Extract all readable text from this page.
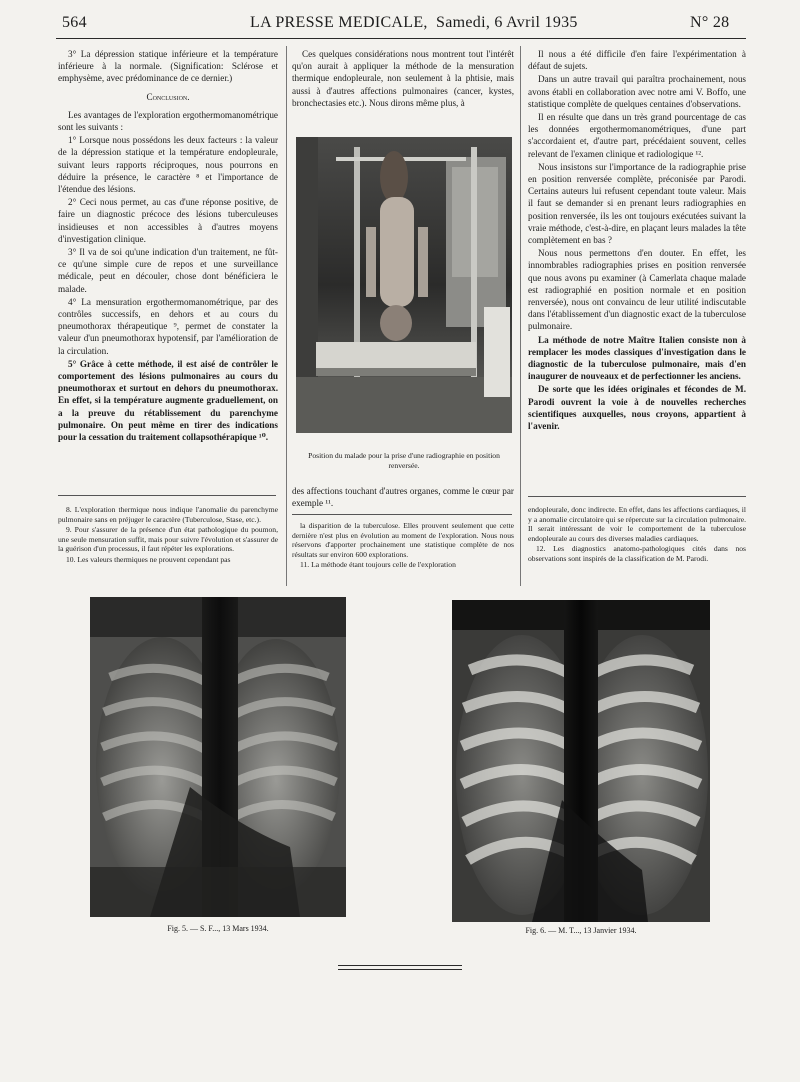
564	LA PRESSE MEDICALE, Samedi, 6 Avril 1935	N° 28

3° La dépression statique inférieure et la température inférieure à la normale. (Signification: Sclérose et emphysème, avec prédominance de ce dernier.)

Conclusion.

Les avantages de l'exploration ergothermomanométrique sont les suivants :

1° Lorsque nous possédons les deux facteurs : la valeur de la dépression statique et la température endopleurale, suivant leurs rapports réciproques, nous pourrons en déduire la présence, le caractère ⁸ et l'importance de l'étendue des lésions.

2° Ceci nous permet, au cas d'une réponse positive, de faire un diagnostic précoce des lésions tuberculeuses insidieuses et non accessibles à d'autres moyens d'investigation clinique.

3° Il va de soi qu'une indication d'un traitement, ne fût-ce qu'une simple cure de repos et une surveillance médicale, peut en découler, chose dont bénéficiera le malade.

4° La mensuration ergothermomanométrique, par des contrôles successifs, en dehors et au cours du pneumothorax thérapeutique ⁹, permet de constater la valeur d'un pneumothorax hypotensif, par l'amélioration de la circulation.

5° Grâce à cette méthode, il est aisé de contrôler le comportement des lésions pulmonaires au cours du pneumothorax et surtout en dehors du pneumothorax. En effet, si la température augmente graduellement, on a la preuve du rétablissement du parenchyme pulmonaire. On peut même en tirer des indications pour la cessation du traitement collapsothérapique ¹⁰.

8. L'exploration thermique nous indique l'anomalie du parenchyme pulmonaire sans en préjuger le caractère (Tuberculose, Stase, etc.).

9. Pour s'assurer de la présence d'un état pathologique du poumon, une seule mensuration suffit, mais pour suivre l'évolution et s'assurer de la guérison d'un processus, il faut répéter les explorations.

10. Les valeurs thermiques ne prouvent cependant pas

Ces quelques considérations nous montrent tout l'intérêt qu'on aurait à appliquer la méthode de la mensuration thermique endopleurale, non seulement à la phtisie, mais aussi à d'autres affections pulmonaires (cancer, kystes, bronchectasies etc.). Nous dirons même plus, à

Position du malade pour la prise d'une radiographie en position renversée.

des affections touchant d'autres organes, comme le cœur par exemple ¹¹.

la disparition de la tuberculose. Elles prouvent seulement que cette dernière n'est plus en évolution au moment de l'exploration. Nous nous réservons d'apporter prochainement une statistique complète de nos résultats sur environ 600 explorations.

11. La méthode étant toujours celle de l'exploration

Il nous a été difficile d'en faire l'expérimentation à défaut de sujets.

Dans un autre travail qui paraîtra prochainement, nous avons établi en collaboration avec notre ami V. Boffo, une statistique complète de quelques centaines d'observations.

Il en résulte que dans un très grand pourcentage de cas les données ergothermomanométriques, d'une part s'accordaient et, d'autre part, précédaient souvent, celles relevant de l'examen clinique et radiologique ¹².

Nous insistons sur l'importance de la radiographie prise en position renversée complète, préconisée par Parodi. Certains auteurs lui refusent cependant toute valeur. Mais il faut se demander si en prenant leurs radiographies en position renversée, ils les ont toujours exécutées suivant la vraie méthode, c'est-à-dire, en plaçant leurs malades la tête complètement en bas ?

Nous nous permettons d'en douter. En effet, les innombrables radiographies prises en position renversée que nous avons pu examiner (à Camerlata chaque malade est radiographié en position normale et en position renversée), nous ont convaincu de leur utilité indiscutable dans l'établissement d'un diagnostic exact de la tuberculose pulmonaire.

La méthode de notre Maître Italien consiste non à remplacer les modes classiques d'investigation dans le diagnostic de la tuberculose pulmonaire, mais d'en inaugurer de nouveaux et de perfectionner les anciens.

De sorte que les idées originales et fécondes de M. Parodi ouvrent la voie à de nouvelles recherches scientifiques auxquelles, nous croyons, appartient à l'avenir.

endopleurale, donc indirecte. En effet, dans les affections cardiaques, il y a anomalie circulatoire qui se répercute sur la circulation pulmonaire. Il serait intéressant de voir le comportement de la tuberculose endopleurale au cours des diverses maladies cardiaques.

12. Les diagnostics anatomo-pathologiques cités dans nos observations sont inspirés de la classification de M. Parodi.

Fig. 5. — S. F..., 13 Mars 1934.	Fig. 6. — M. T..., 13 Janvier 1934.
